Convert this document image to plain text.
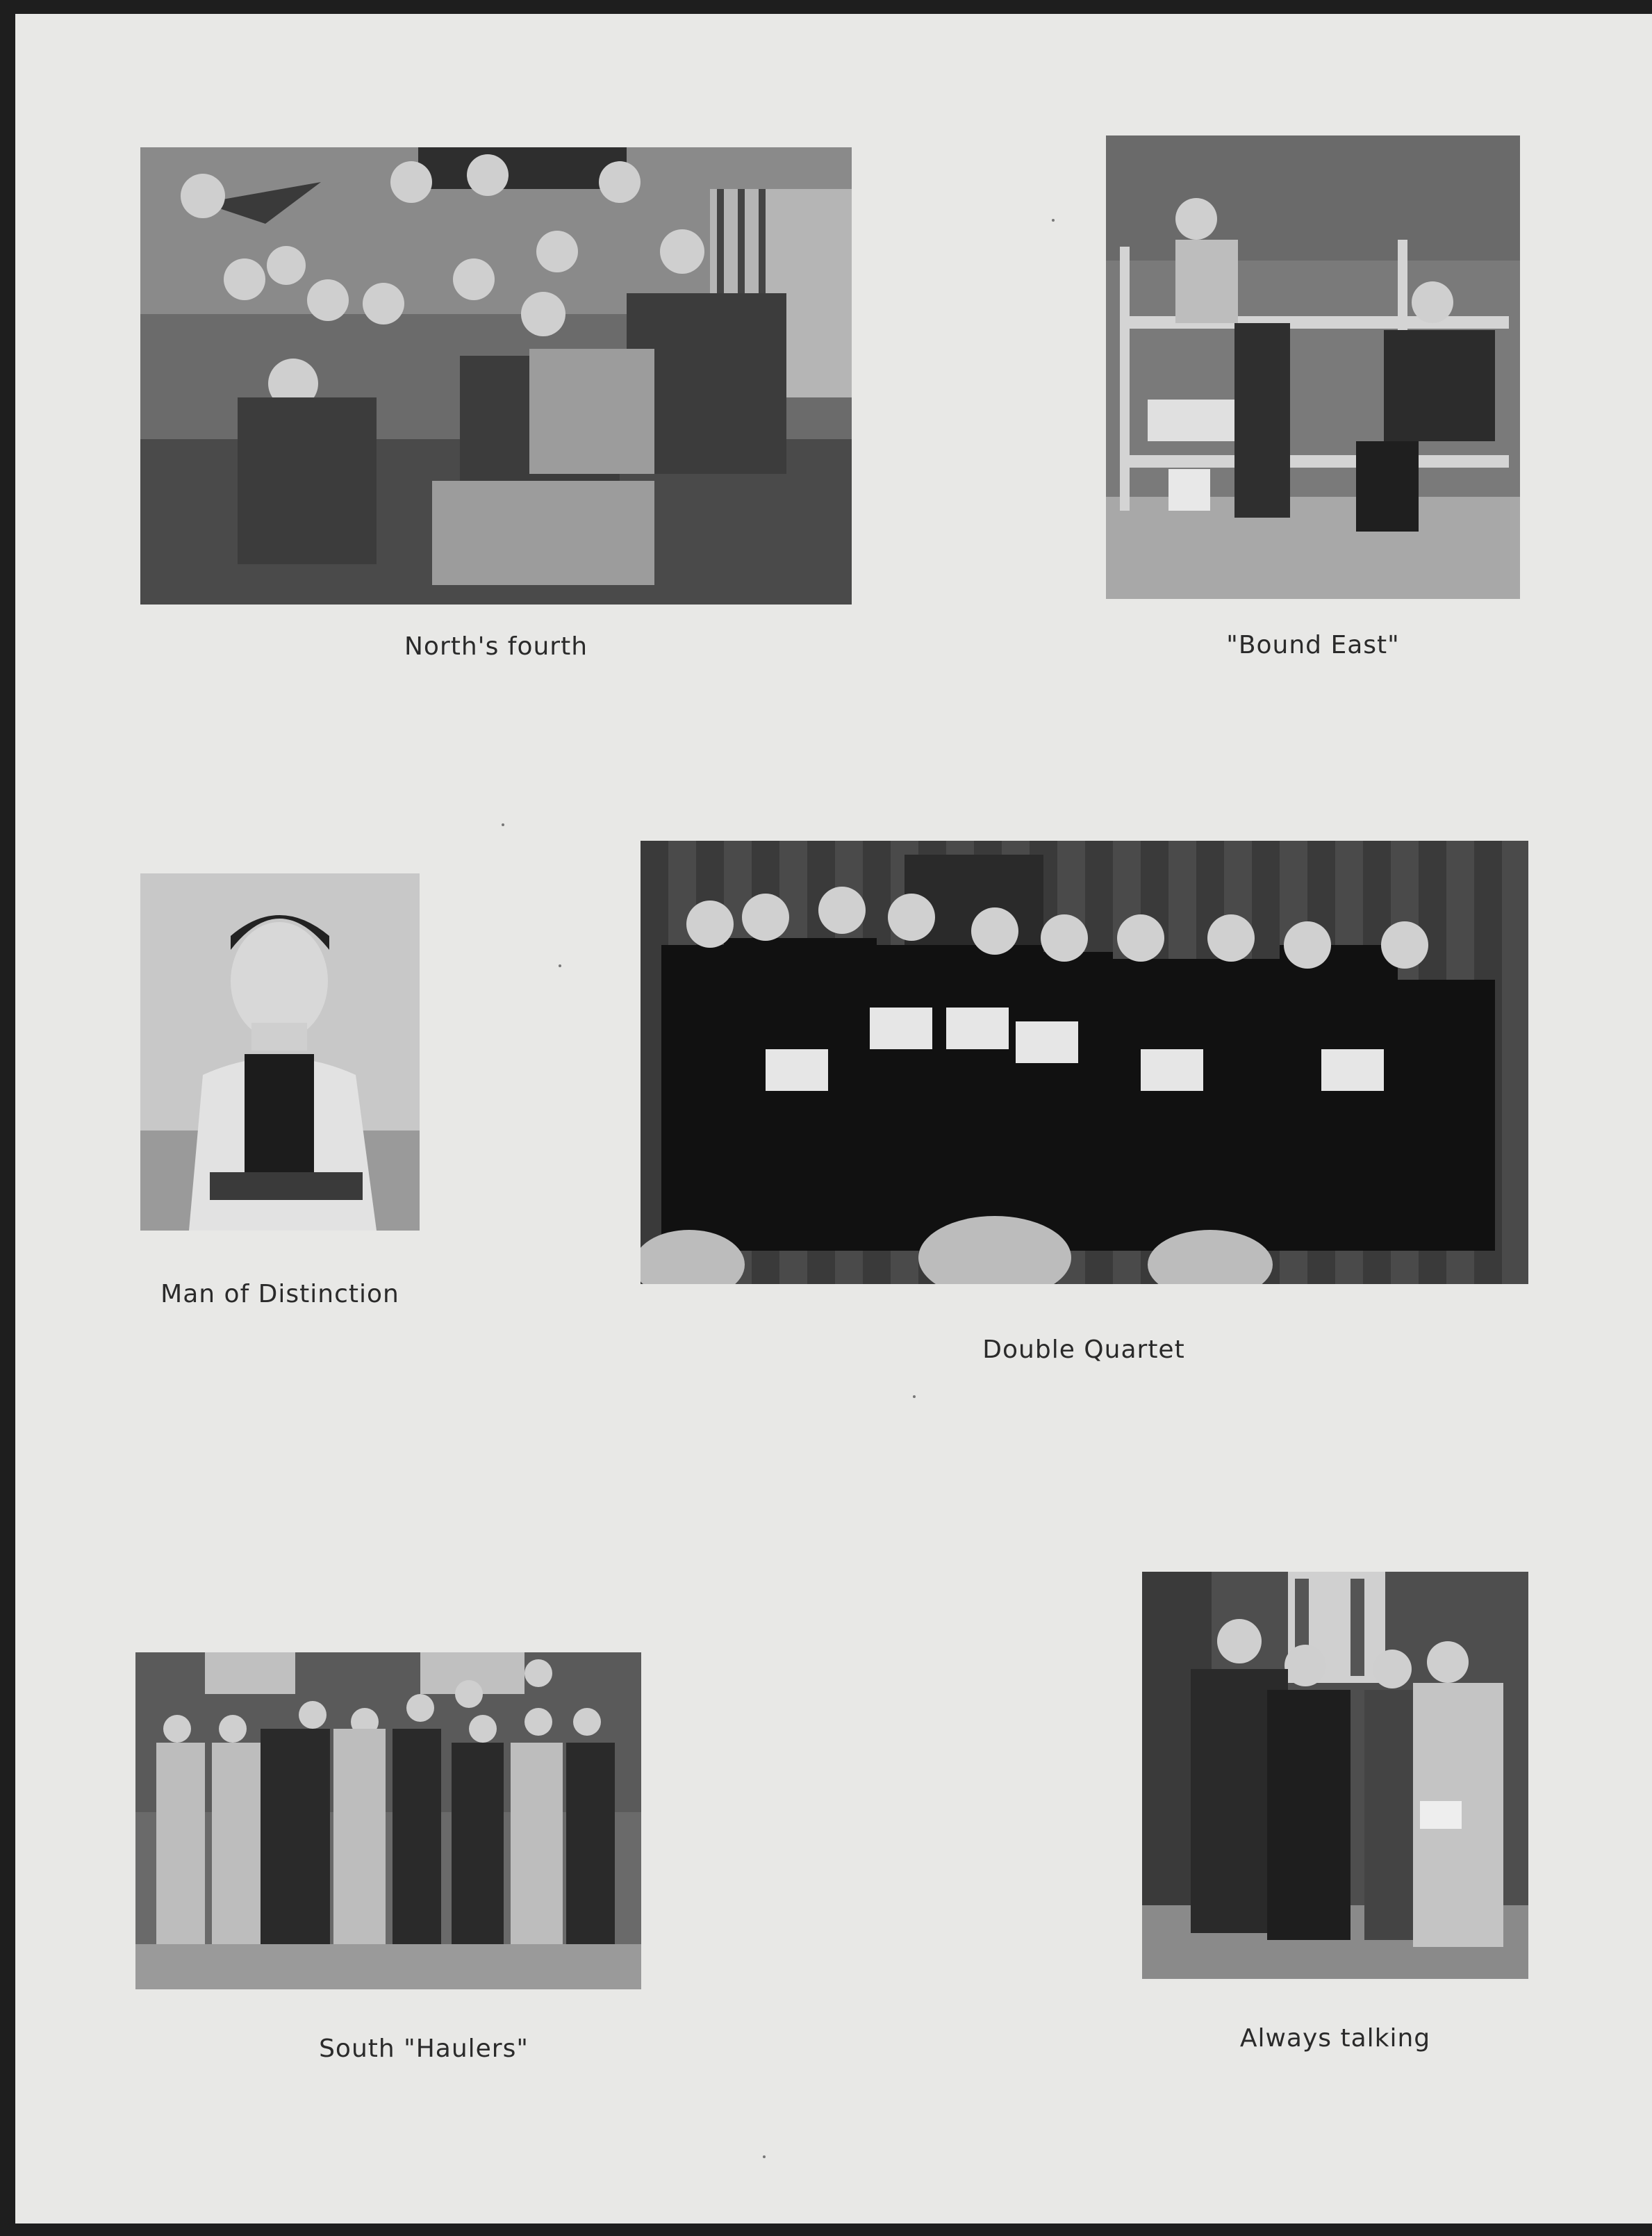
North's fourth	"Bound East"
Man of Distinction
Double Quartet
South "Haulers"	Always talking
